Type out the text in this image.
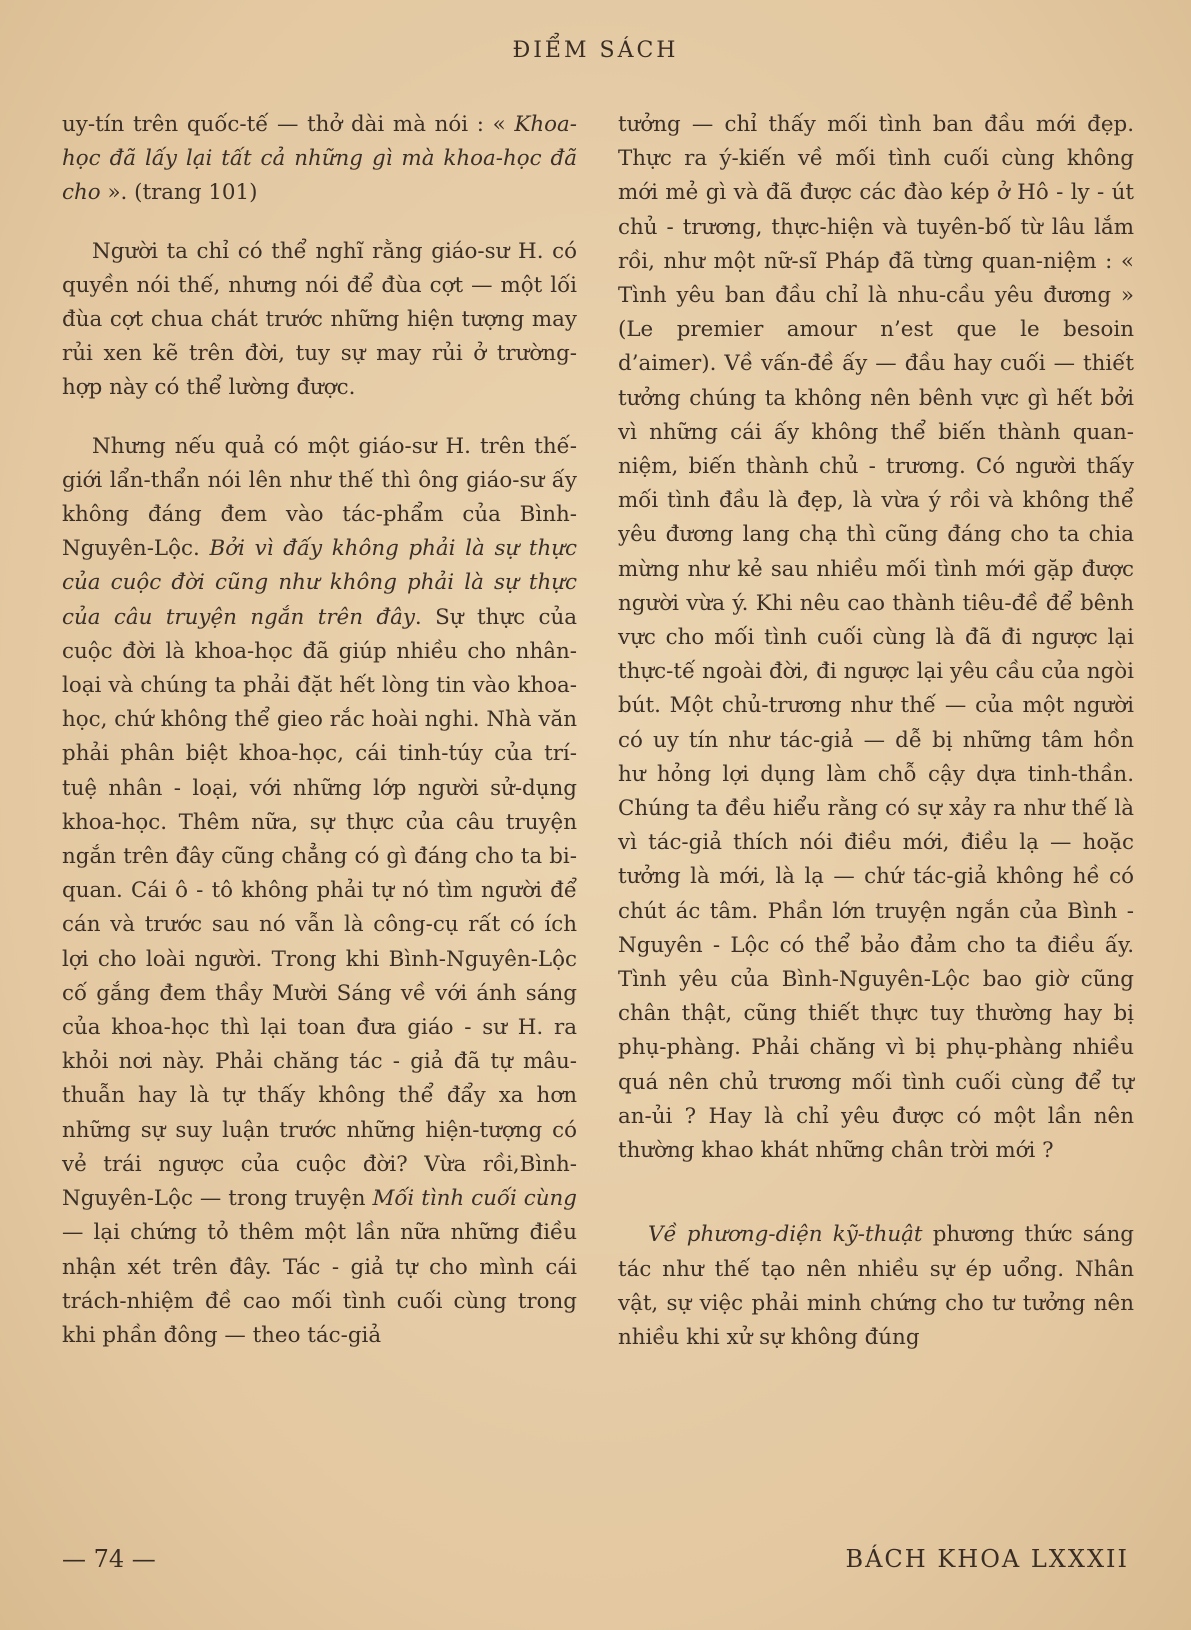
ĐIỂM SÁCH

uy-tín trên quốc-tế — thở dài mà nói : « Khoa-học đã lấy lại tất cả những gì mà khoa-học đã cho ». (trang 101)

Người ta chỉ có thể nghĩ rằng giáo-sư H. có quyền nói thế, nhưng nói để đùa cợt — một lối đùa cợt chua chát trước những hiện tượng may rủi xen kẽ trên đời, tuy sự may rủi ở trường-hợp này có thể lường được.

Nhưng nếu quả có một giáo-sư H. trên thế-giới lẩn-thẩn nói lên như thế thì ông giáo-sư ấy không đáng đem vào tác-phẩm của Bình-Nguyên-Lộc. Bởi vì đấy không phải là sự thực của cuộc đời cũng như không phải là sự thực của câu truyện ngắn trên đây. Sự thực của cuộc đời là khoa-học đã giúp nhiều cho nhân-loại và chúng ta phải đặt hết lòng tin vào khoa-học, chứ không thể gieo rắc hoài nghi. Nhà văn phải phân biệt khoa-học, cái tinh-túy của trí-tuệ nhân - loại, với những lớp người sử-dụng khoa-học. Thêm nữa, sự thực của câu truyện ngắn trên đây cũng chẳng có gì đáng cho ta bi-quan. Cái ô - tô không phải tự nó tìm người để cán và trước sau nó vẫn là công-cụ rất có ích lợi cho loài người. Trong khi Bình-Nguyên-Lộc cố gắng đem thầy Mười Sáng về với ánh sáng của khoa-học thì lại toan đưa giáo - sư H. ra khỏi nơi này. Phải chăng tác - giả đã tự mâu-thuẫn hay là tự thấy không thể đẩy xa hơn những sự suy luận trước những hiện-tượng có vẻ trái ngược của cuộc đời? Vừa rồi,Bình-Nguyên-Lộc — trong truyện Mối tình cuối cùng — lại chứng tỏ thêm một lần nữa những điều nhận xét trên đây. Tác - giả tự cho mình cái trách-nhiệm đề cao mối tình cuối cùng trong khi phần đông — theo tác-giả

tưởng — chỉ thấy mối tình ban đầu mới đẹp. Thực ra ý-kiến về mối tình cuối cùng không mới mẻ gì và đã được các đào kép ở Hô - ly - út chủ - trương, thực-hiện và tuyên-bố từ lâu lắm rồi, như một nữ-sĩ Pháp đã từng quan-niệm : « Tình yêu ban đầu chỉ là nhu-cầu yêu đương » (Le premier amour n’est que le besoin d’aimer). Về vấn-đề ấy — đầu hay cuối — thiết tưởng chúng ta không nên bênh vực gì hết bởi vì những cái ấy không thể biến thành quan-niệm, biến thành chủ - trương. Có người thấy mối tình đầu là đẹp, là vừa ý rồi và không thể yêu đương lang chạ thì cũng đáng cho ta chia mừng như kẻ sau nhiều mối tình mới gặp được người vừa ý. Khi nêu cao thành tiêu-đề để bênh vực cho mối tình cuối cùng là đã đi ngược lại thực-tế ngoài đời, đi ngược lại yêu cầu của ngòi bút. Một chủ-trương như thế — của một người có uy tín như tác-giả — dễ bị những tâm hồn hư hỏng lợi dụng làm chỗ cậy dựa tinh-thần. Chúng ta đều hiểu rằng có sự xảy ra như thế là vì tác-giả thích nói điều mới, điều lạ — hoặc tưởng là mới, là lạ — chứ tác-giả không hề có chút ác tâm. Phần lớn truyện ngắn của Bình - Nguyên - Lộc có thể bảo đảm cho ta điều ấy. Tình yêu của Bình-Nguyên-Lộc bao giờ cũng chân thật, cũng thiết thực tuy thường hay bị phụ-phàng. Phải chăng vì bị phụ-phàng nhiều quá nên chủ trương mối tình cuối cùng để tự an-ủi ? Hay là chỉ yêu được có một lần nên thường khao khát những chân trời mới ?

Về phương-diện kỹ-thuật phương thức sáng tác như thế tạo nên nhiều sự ép uổng. Nhân vật, sự việc phải minh chứng cho tư tưởng nên nhiều khi xử sự không đúng

— 74 —	BÁCH KHOA LXXXII
